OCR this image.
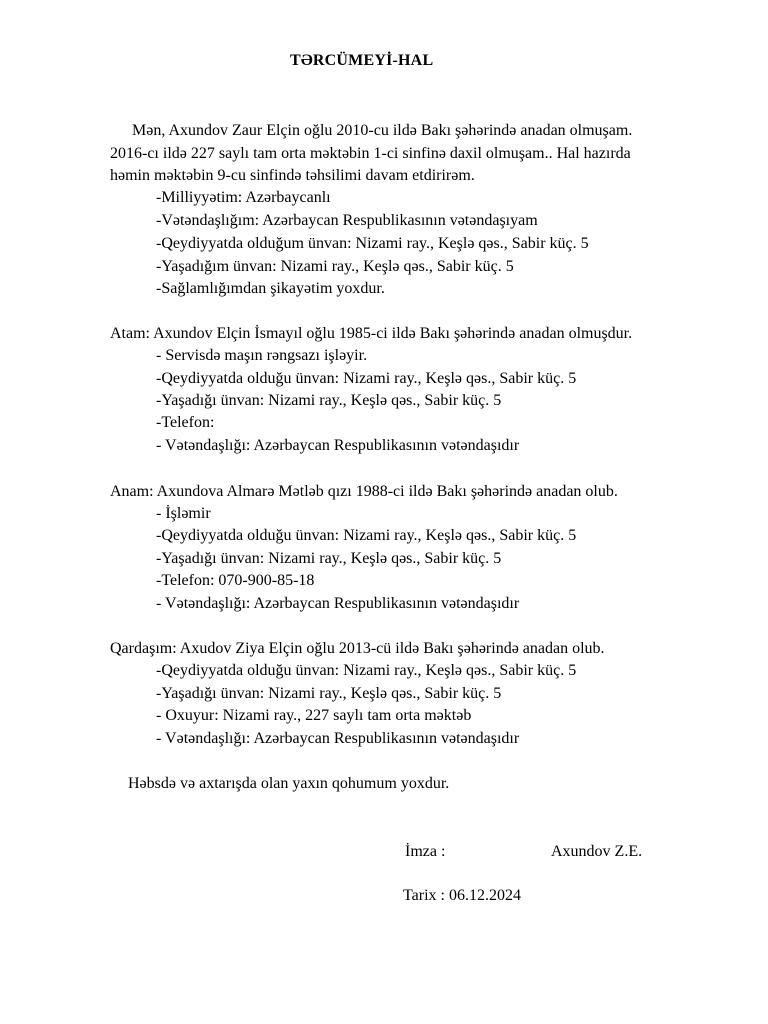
TƏRCÜMEYİ-HAL
Mən, Axundov Zaur Elçin oğlu 2010-cu ildə Bakı şəhərində anadan olmuşam.
2016-cı ildə 227 saylı tam orta məktəbin 1-ci sinfinə daxil olmuşam.. Hal hazırda
həmin məktəbin 9-cu sinfində təhsilimi davam etdirirəm.
-Milliyyətim: Azərbaycanlı
-Vətəndaşlığım: Azərbaycan Respublikasının vətəndaşıyam
-Qeydiyyatda olduğum ünvan: Nizami ray., Keşlə qəs., Sabir küç. 5
-Yaşadığım ünvan: Nizami ray., Keşlə qəs., Sabir küç. 5
-Sağlamlığımdan şikayətim yoxdur.
Atam: Axundov Elçin İsmayıl oğlu 1985-ci ildə Bakı şəhərində anadan olmuşdur.
- Servisdə maşın rəngsazı işləyir.
-Qeydiyyatda olduğu ünvan: Nizami ray., Keşlə qəs., Sabir küç. 5
-Yaşadığı ünvan: Nizami ray., Keşlə qəs., Sabir küç. 5
-Telefon:
- Vətəndaşlığı: Azərbaycan Respublikasının vətəndaşıdır
Anam: Axundova Almarə Mətləb qızı 1988-ci ildə Bakı şəhərində anadan olub.
- İşləmir
-Qeydiyyatda olduğu ünvan: Nizami ray., Keşlə qəs., Sabir küç. 5
-Yaşadığı ünvan: Nizami ray., Keşlə qəs., Sabir küç. 5
-Telefon: 070-900-85-18
- Vətəndaşlığı: Azərbaycan Respublikasının vətəndaşıdır
Qardaşım: Axudov Ziya Elçin oğlu 2013-cü ildə Bakı şəhərində anadan olub.
-Qeydiyyatda olduğu ünvan: Nizami ray., Keşlə qəs., Sabir küç. 5
-Yaşadığı ünvan: Nizami ray., Keşlə qəs., Sabir küç. 5
- Oxuyur: Nizami ray., 227 saylı tam orta məktəb
- Vətəndaşlığı: Azərbaycan Respublikasının vətəndaşıdır
Həbsdə və axtarışda olan yaxın qohumum yoxdur.
İmza :	Axundov Z.E.
Tarix : 06.12.2024
